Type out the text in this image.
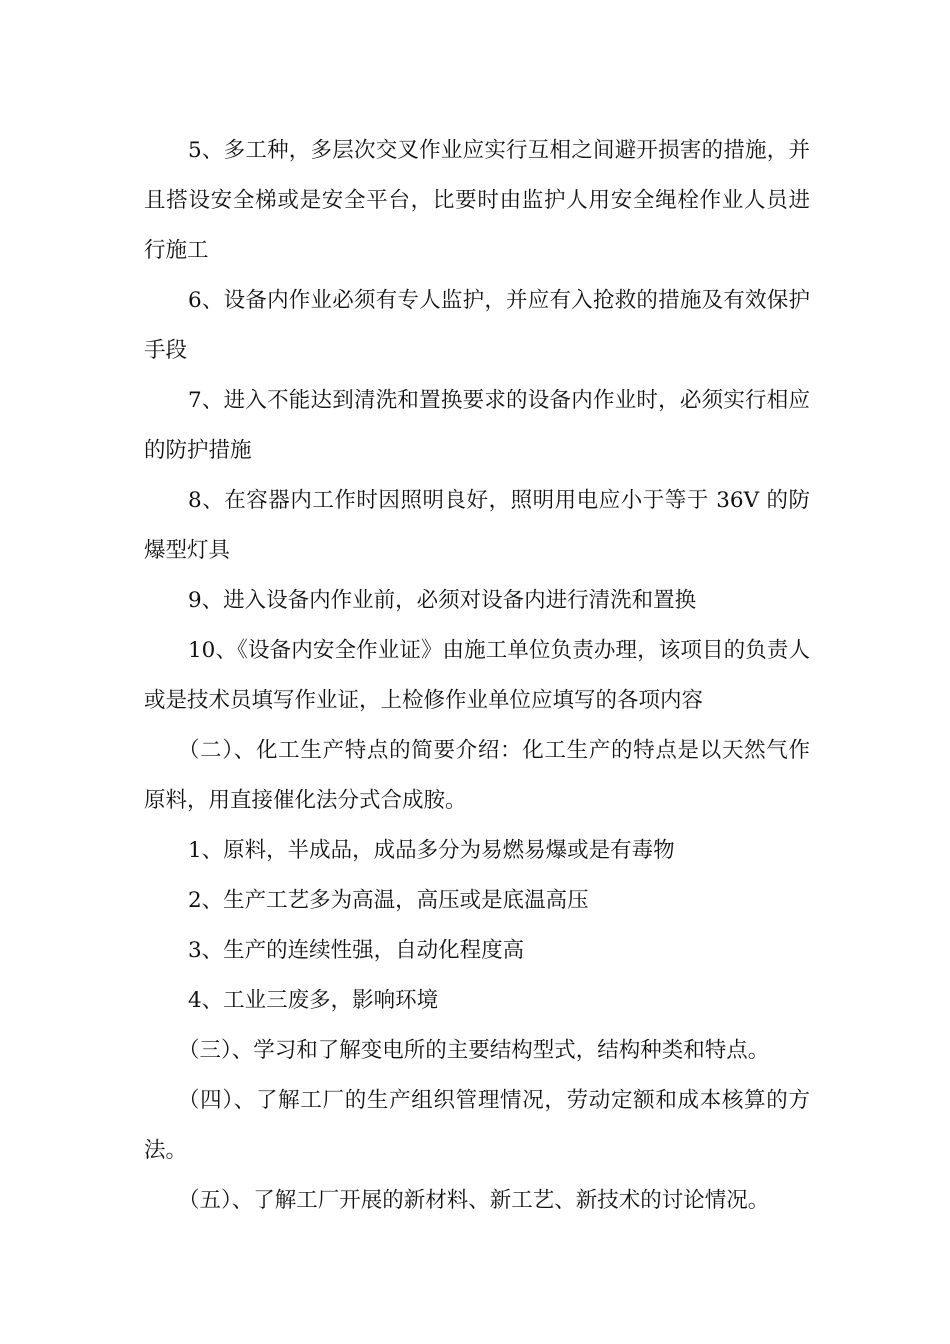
5、多工种，多层次交叉作业应实行互相之间避开损害的措施，并且搭设安全梯或是安全平台，比要时由监护人用安全绳栓作业人员进行施工

6、设备内作业必须有专人监护，并应有入抢救的措施及有效保护手段

7、进入不能达到清洗和置换要求的设备内作业时，必须实行相应的防护措施

8、在容器内工作时因照明良好，照明用电应小于等于 36V 的防爆型灯具

9、进入设备内作业前，必须对设备内进行清洗和置换

10、《设备内安全作业证》由施工单位负责办理，该项目的负责人或是技术员填写作业证，上检修作业单位应填写的各项内容

（二）、化工生产特点的简要介绍：化工生产的特点是以天然气作原料，用直接催化法分式合成胺。

1、原料，半成品，成品多分为易燃易爆或是有毒物

2、生产工艺多为高温，高压或是底温高压

3、生产的连续性强，自动化程度高

4、工业三废多，影响环境

（三）、学习和了解变电所的主要结构型式，结构种类和特点。

（四）、了解工厂的生产组织管理情况，劳动定额和成本核算的方法。

（五）、了解工厂开展的新材料、新工艺、新技术的讨论情况。
